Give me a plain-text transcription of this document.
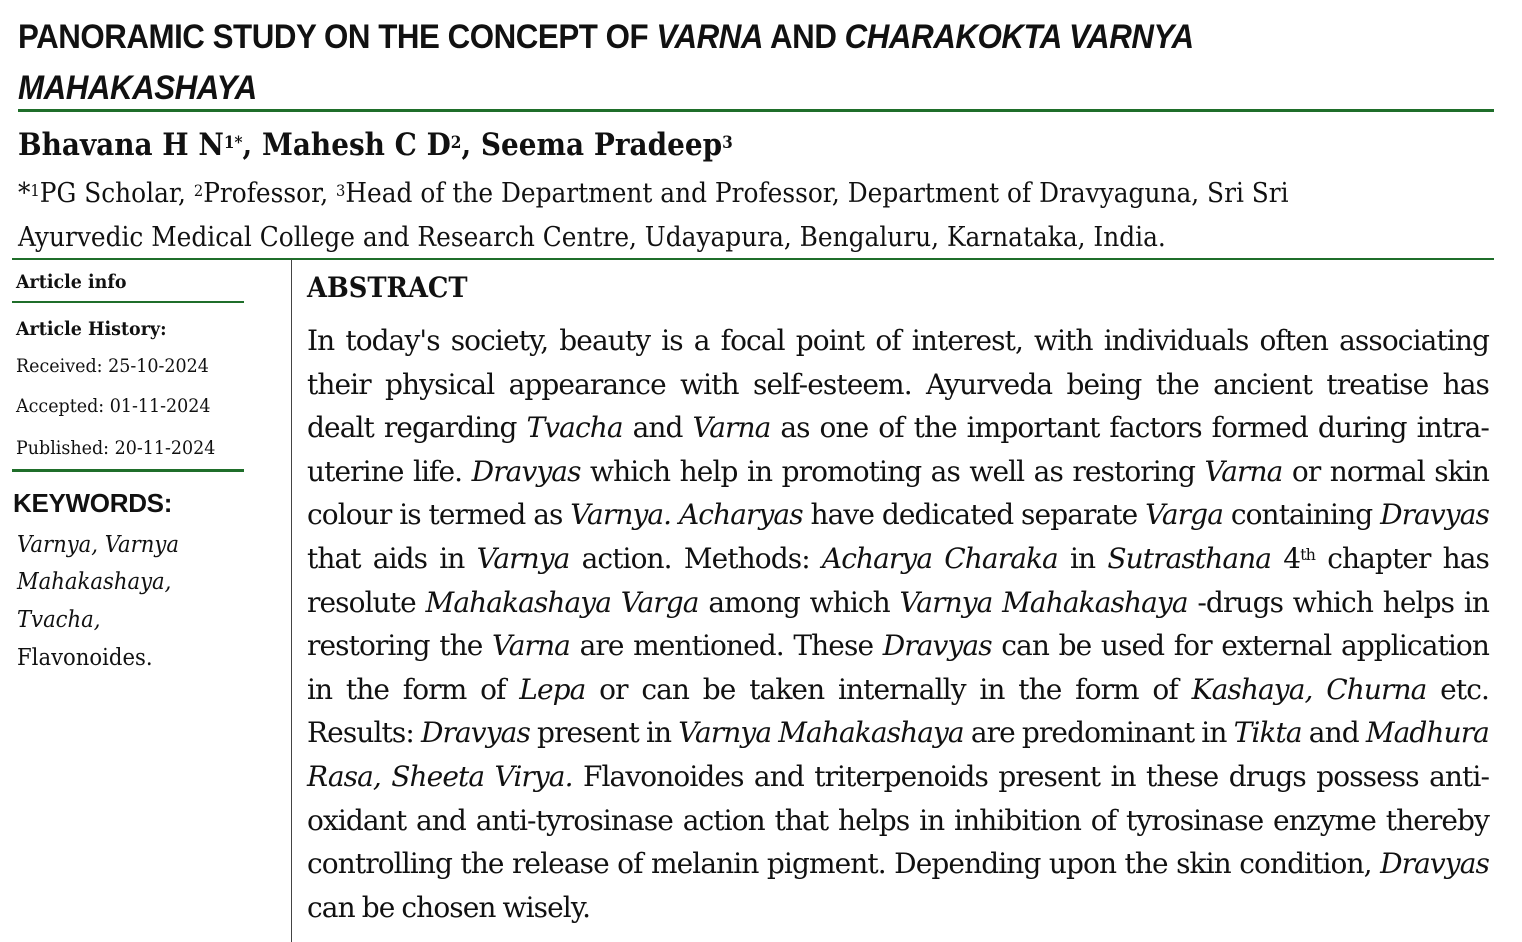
PANORAMIC STUDY ON THE CONCEPT OF VARNA AND CHARAKOKTA VARNYA MAHAKASHAYA
Bhavana H $N^{1*}$, Mahesh C $D^2$, Seema Pradeep$^3$
*$^1$PG Scholar, $^2$Professor, $^3$Head of the Department and Professor, Department of Dravyaguna, Sri Sri Ayurvedic Medical College and Research Centre, Udayapura, Bengaluru, Karnataka, India.
Article info
Article History:
Received: 25-10-2024
Accepted: 01-11-2024
Published: 20-11-2024
KEYWORDS:
Varnya, Varnya
Mahakashaya,
Tvacha,
Flavonoides.
ABSTRACT

In today's society, beauty is a focal point of interest, with individuals often associating their physical appearance with self-esteem. Ayurveda being the ancient treatise has dealt regarding Tvacha and Varna as one of the important factors formed during intra-uterine life. Dravyas which help in promoting as well as restoring Varna or normal skin colour is termed as Varnya. Acharyas have dedicated separate Varga containing Dravyas that aids in Varnya action. Methods: Acharya Charaka in Sutrasthana 4th chapter has resolute Mahakashaya Varga among which Varnya Mahakashaya -drugs which helps in restoring the Varna are mentioned. These Dravyas can be used for external application in the form of Lepa or can be taken internally in the form of Kashaya, Churna etc. Results: Dravyas present in Varnya Mahakashaya are predominant in Tikta and Madhura Rasa, Sheeta Virya. Flavonoides and triterpenoids present in these drugs possess anti-oxidant and anti-tyrosinase action that helps in inhibition of tyrosinase enzyme thereby controlling the release of melanin pigment. Depending upon the skin condition, Dravyas can be chosen wisely.
